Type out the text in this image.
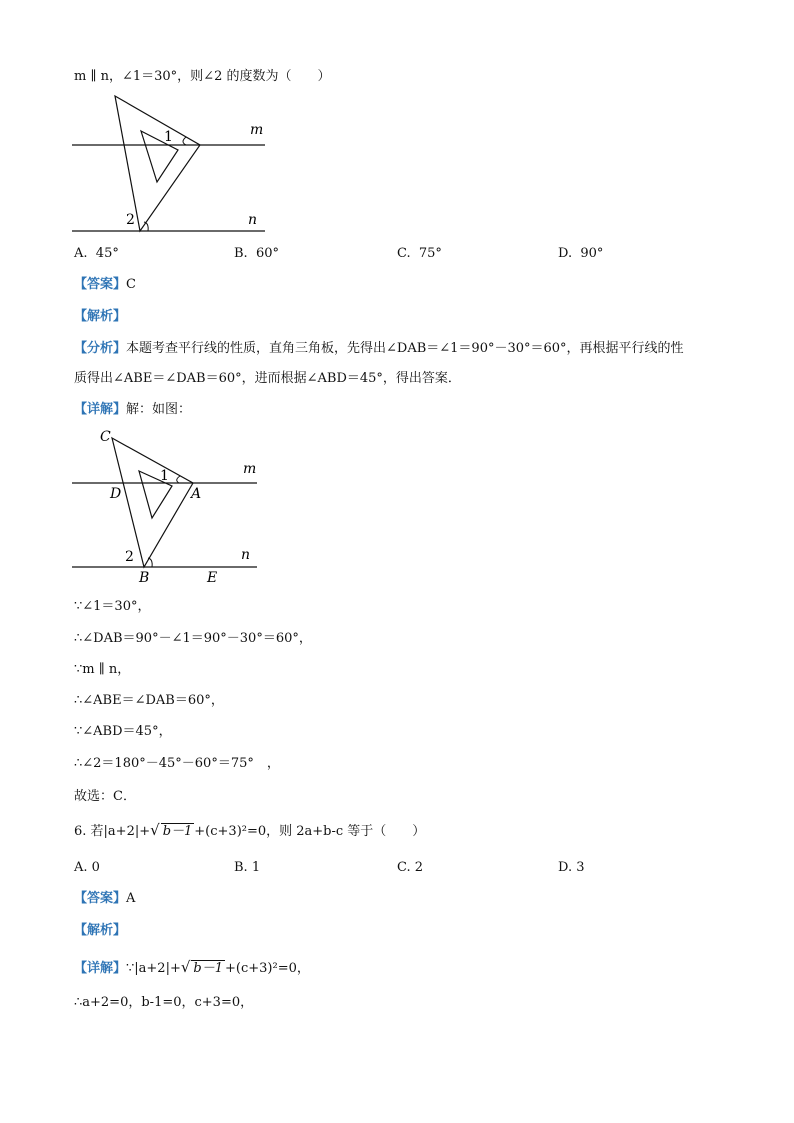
m ∥ n，∠1＝30°，则∠2 的度数为（　　）
1
2
m
n
A. 45°	B. 60°	C. 75°	D. 90°
【答案】C
【解析】
【分析】本题考查平行线的性质，直角三角板，先得出∠DAB＝∠1＝90°－30°＝60°，再根据平行线的性
质得出∠ABE＝∠DAB＝60°，进而根据∠ABD＝45°，得出答案．
【详解】解：如图：
C
D	A
B	E
1
2
m
n
∵∠1＝30°，
∴∠DAB＝90°－∠1＝90°－30°＝60°，
∵m ∥ n，
∴∠ABE＝∠DAB＝60°，
∵∠ABD＝45°，
∴∠2＝180°－45°－60°＝75°　，
故选：C．
6. 若|a+2|+√ b－1 +(c+3)²=0，则 2a+b-c 等于（　　）
A. 0	B. 1	C. 2	D. 3
【答案】A
【解析】
【详解】∵|a+2|+√ b－1 +(c+3)²=0，
∴a+2=0，b-1=0，c+3=0，
